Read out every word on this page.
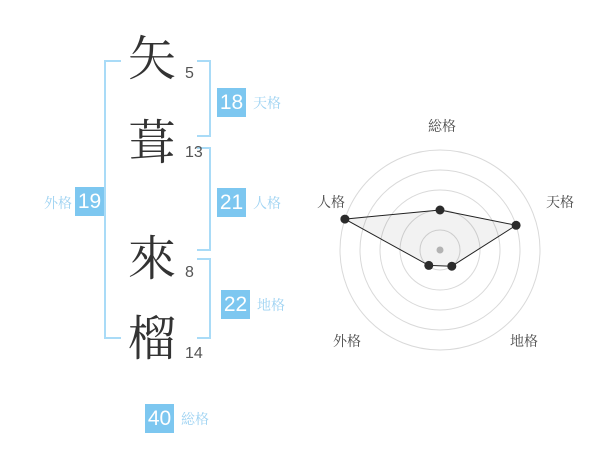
矢
葺
來
榴
5
13
8
14
外格 19
18 天格
21 人格
22 地格
40 総格
総格
天格
地格
外格
人格
